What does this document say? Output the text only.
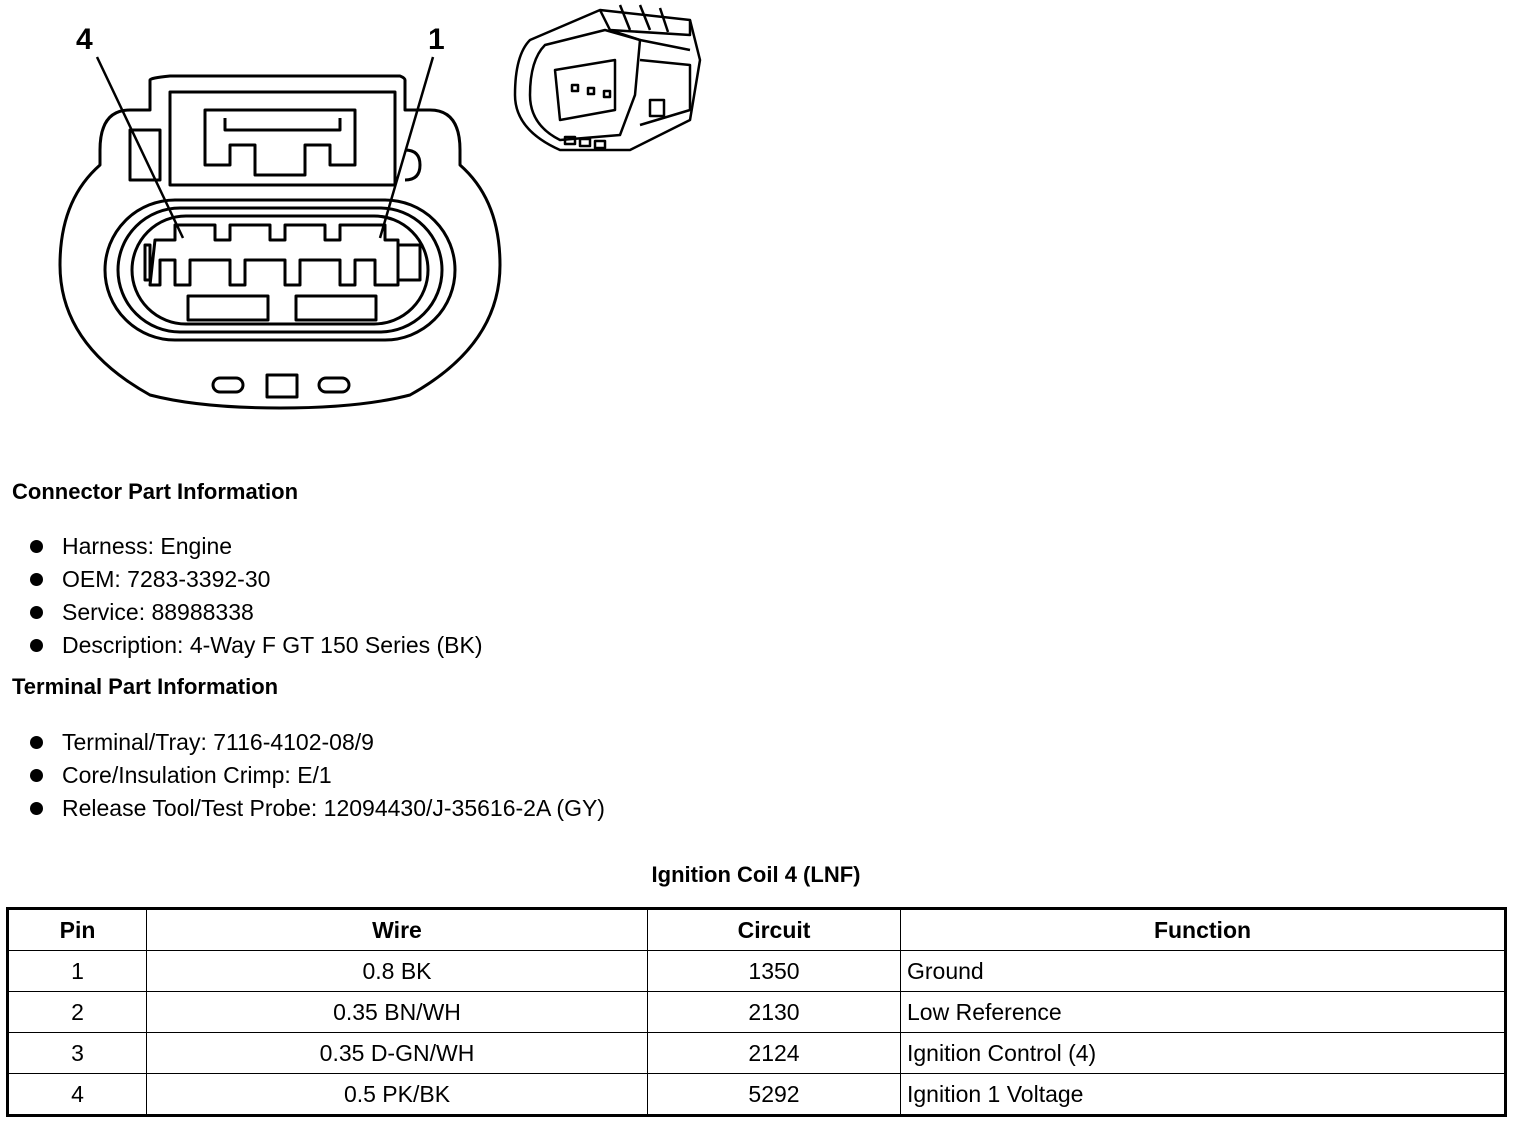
4	1
Connector Part Information
Harness: Engine
OEM: 7283-3392-30
Service: 88988338
Description: 4-Way F GT 150 Series (BK)
Terminal Part Information
Terminal/Tray: 7116-4102-08/9
Core/Insulation Crimp: E/1
Release Tool/Test Probe: 12094430/J-35616-2A (GY)
Ignition Coil 4 (LNF)
Pin	Wire	Circuit	Function
1	0.8 BK	1350	Ground
2	0.35 BN/WH	2130	Low Reference
3	0.35 D-GN/WH	2124	Ignition Control (4)
4	0.5 PK/BK	5292	Ignition 1 Voltage
